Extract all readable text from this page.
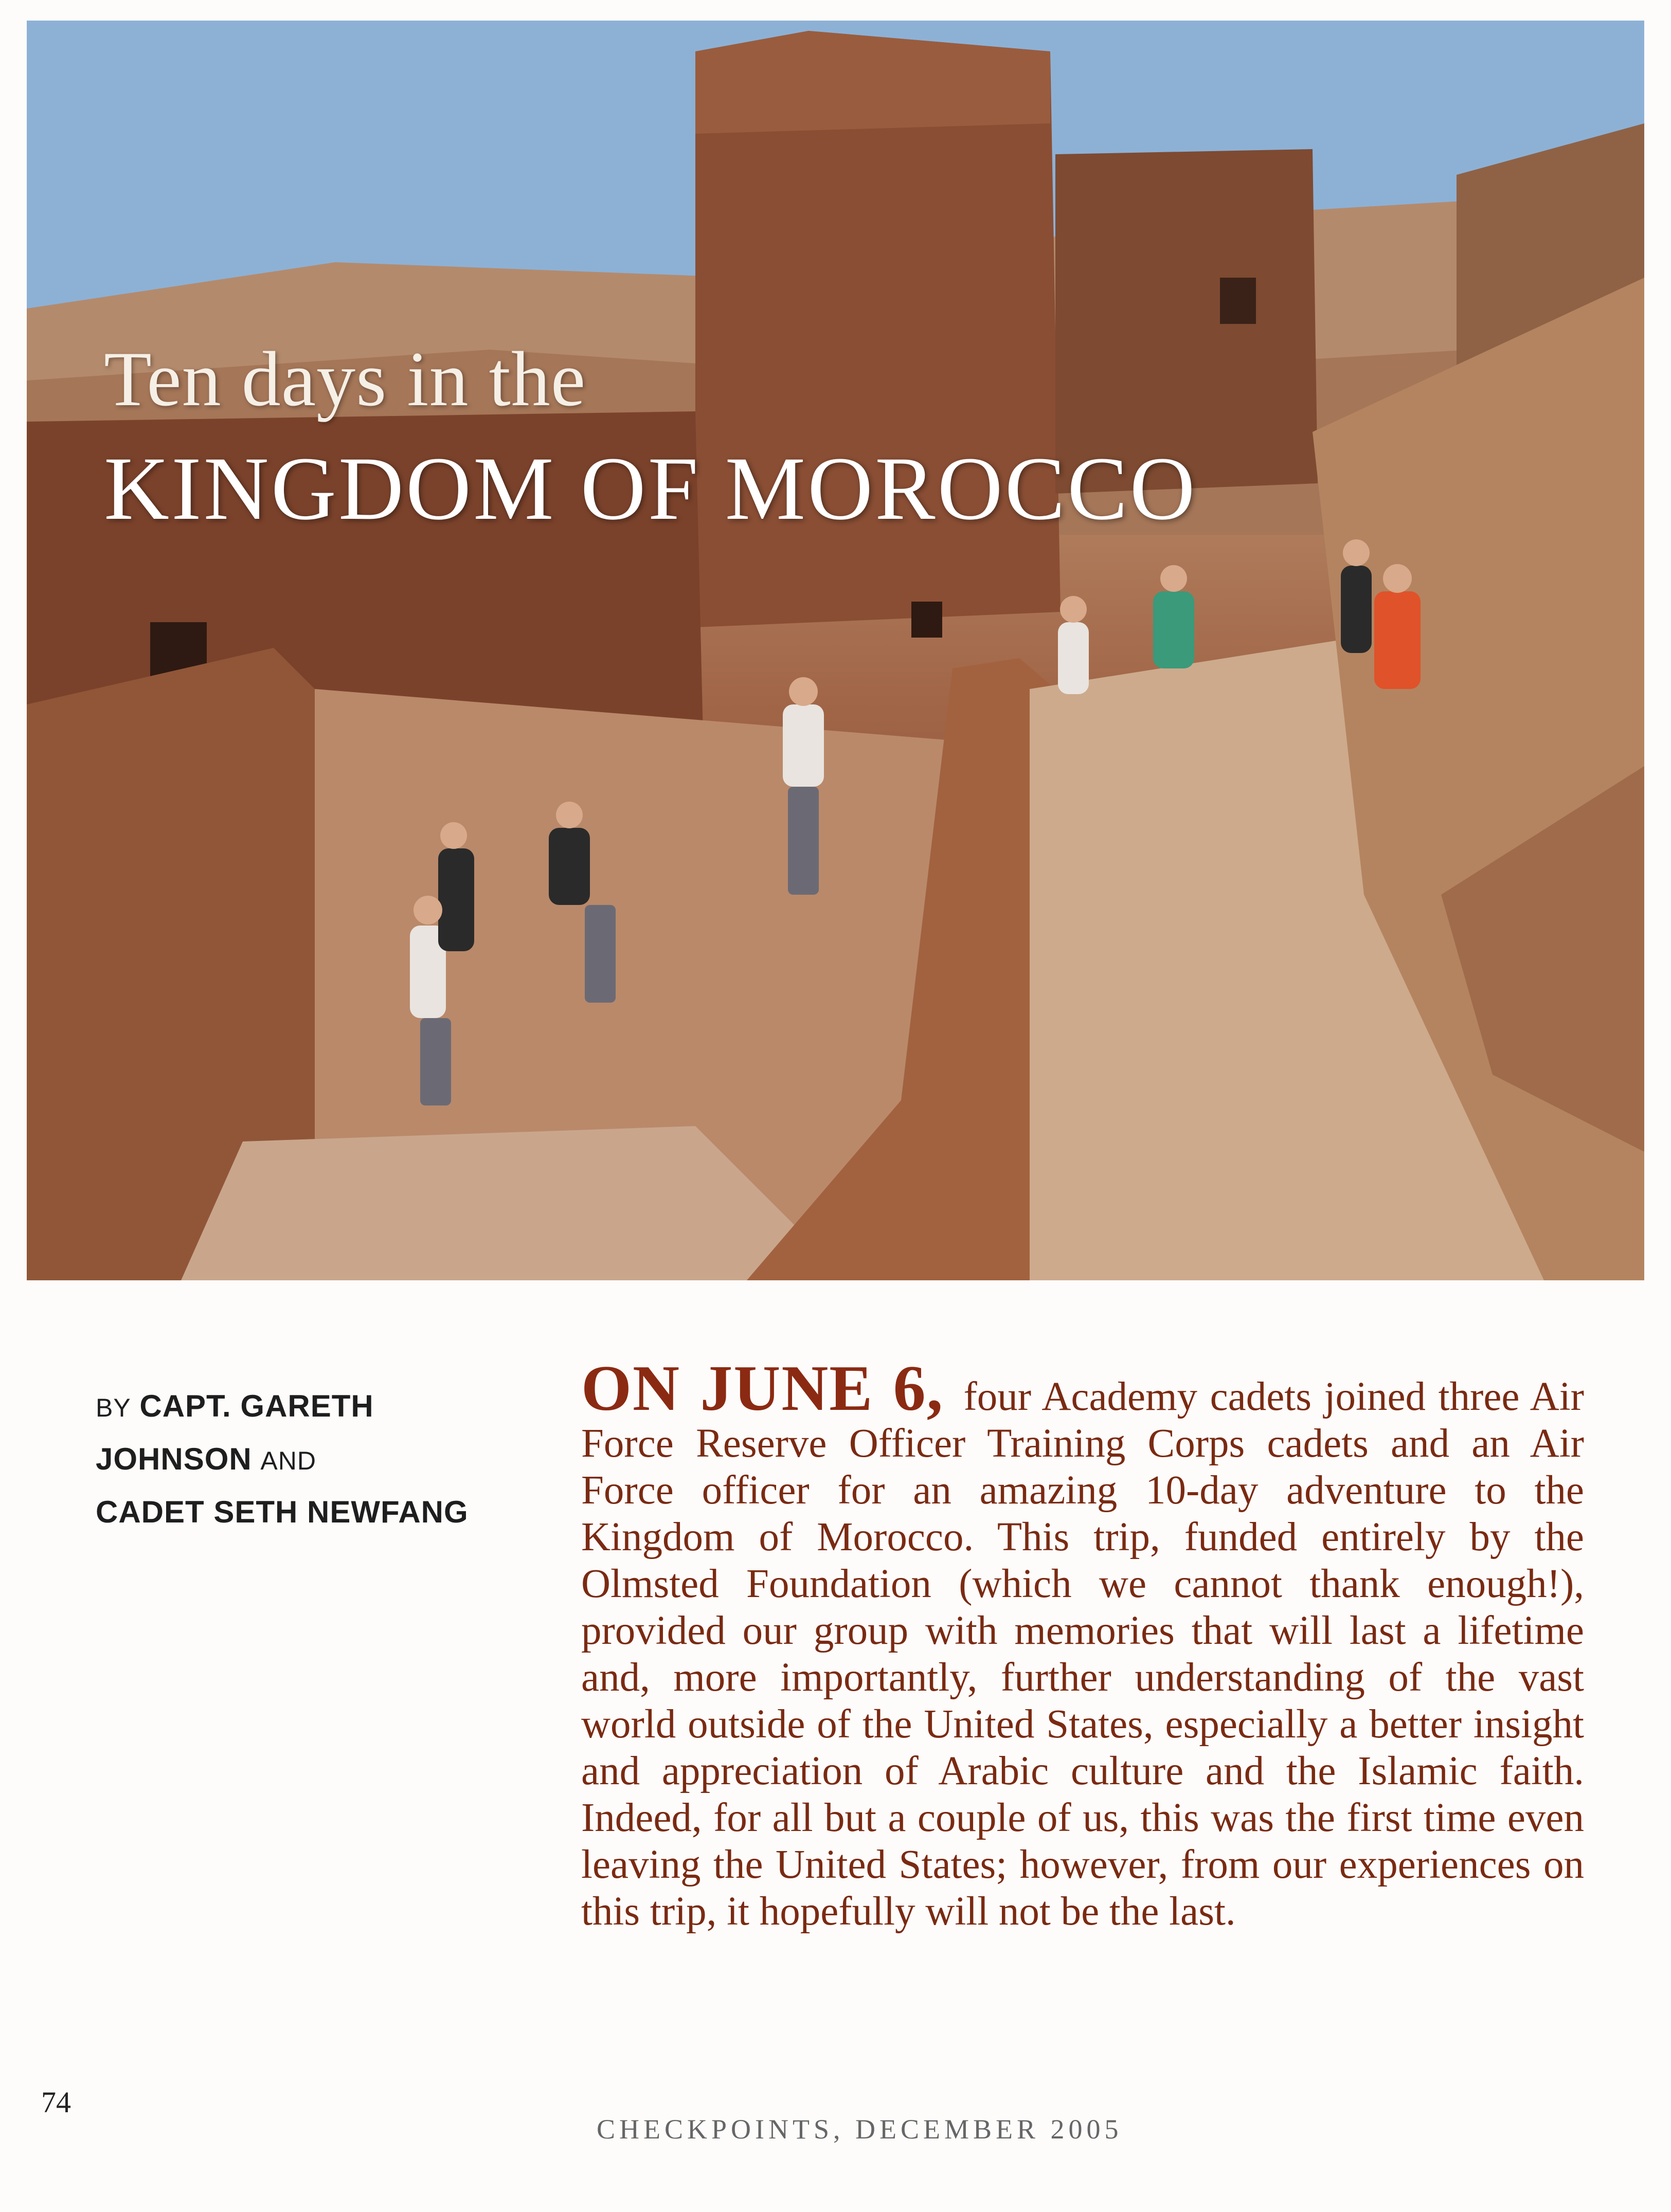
Ten days in the
KINGDOM OF MOROCCO
BY CAPT. GARETH JOHNSON AND
CADET SETH NEWFANG
ON JUNE 6, four Academy cadets joined three Air Force Reserve Officer Training Corps cadets and an Air Force officer for an amazing 10-day adventure to the Kingdom of Morocco. This trip, funded entirely by the Olmsted Foundation (which we cannot thank enough!), provided our group with memories that will last a lifetime and, more importantly, further understanding of the vast world outside of the United States, especially a better insight and appreciation of Arabic culture and the Islamic faith. Indeed, for all but a couple of us, this was the first time even leaving the United States; however, from our experiences on this trip, it hopefully will not be the last.
74
CHECKPOINTS, DECEMBER 2005
